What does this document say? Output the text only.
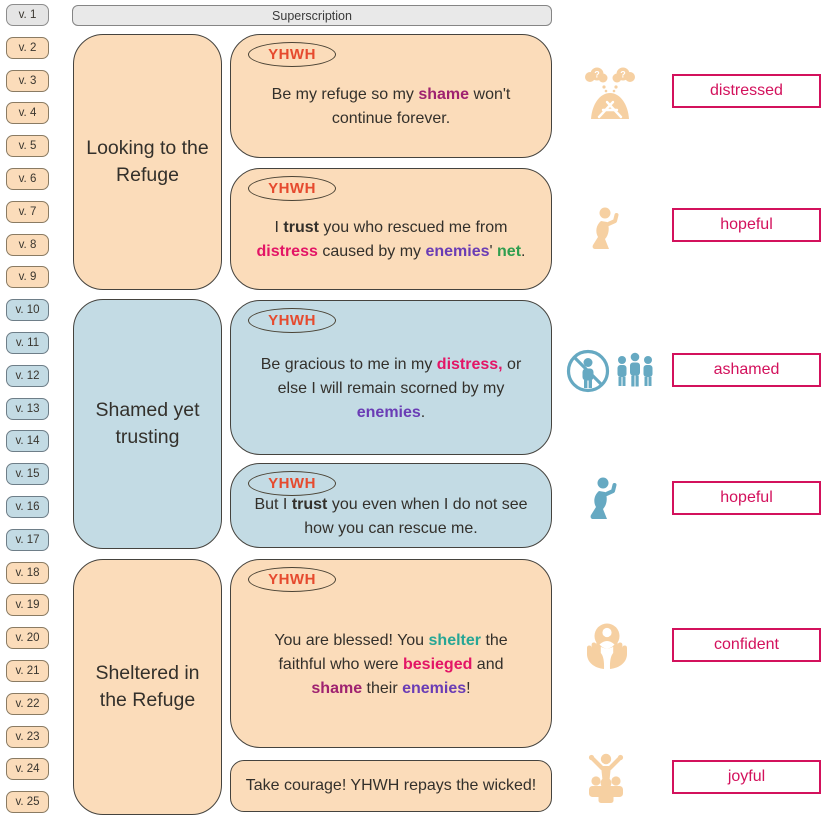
v. 1
v. 2
v. 3
v. 4
v. 5
v. 6
v. 7
v. 8
v. 9
v. 10
v. 11
v. 12
v. 13
v. 14
v. 15
v. 16
v. 17
v. 18
v. 19
v. 20
v. 21
v. 22
v. 23
v. 24
v. 25
Superscription
Looking to the
Refuge
Shamed yet
trusting
Sheltered in
the Refuge
YHWH
Be my refuge so my shame won't
continue forever.
YHWH
I trust you who rescued me from
distress caused by my enemies' net.
YHWH
Be gracious to me in my distress, or
else I will remain scorned by my
enemies.
YHWH
But I trust you even when I do not see
how you can rescue me.
YHWH
You are blessed! You shelter the
faithful who were besieged and
shame their enemies!
Take courage! YHWH repays the wicked!
? ?
distressed
hopeful
ashamed
hopeful
confident
joyful
